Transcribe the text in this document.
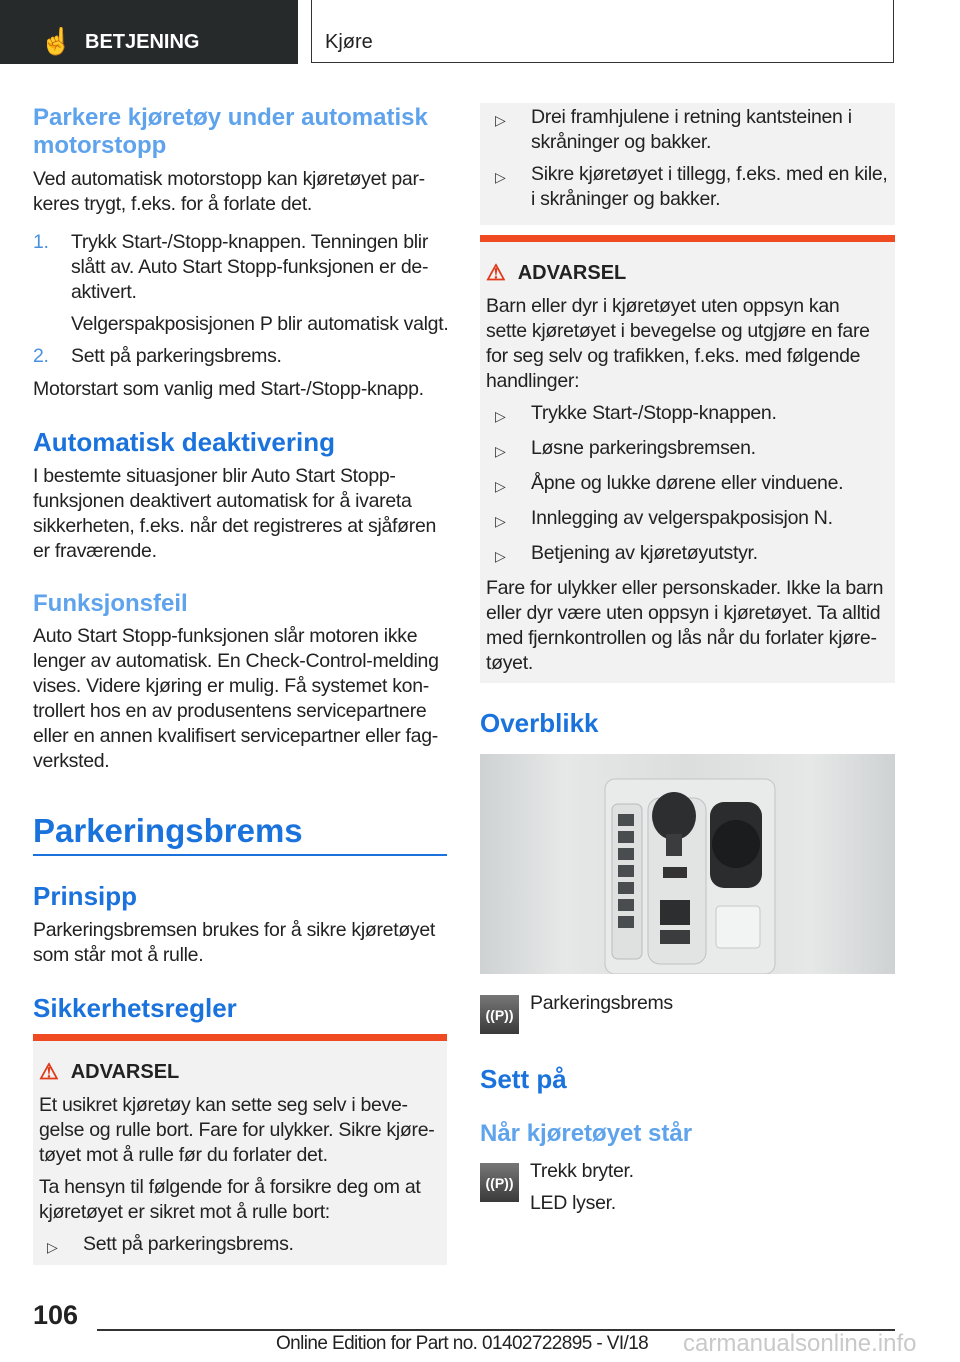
☝ BETJENING	Kjøre
Parkere kjøretøy under automatisk
motorstopp
Ved automatisk motorstopp kan kjøretøyet par-
keres trygt, f.eks. for å forlate det.
1.	Trykk Start-/Stopp-knappen. Tenningen blir
slått av. Auto Start Stopp-funksjonen er de-
aktivert.
Velgerspakposisjonen P blir automatisk valgt.
2.	Sett på parkeringsbrems.
Motorstart som vanlig med Start-/Stopp-knapp.
Automatisk deaktivering
I bestemte situasjoner blir Auto Start Stopp-
funksjonen deaktivert automatisk for å ivareta
sikkerheten, f.eks. når det registreres at sjåføren
er fraværende.
Funksjonsfeil
Auto Start Stopp-funksjonen slår motoren ikke
lenger av automatisk. En Check-Control-melding
vises. Videre kjøring er mulig. Få systemet kon-
trollert hos en av produsentens servicepartnere
eller en annen kvalifisert servicepartner eller fag-
verksted.
Parkeringsbrems
Prinsipp
Parkeringsbremsen brukes for å sikre kjøretøyet
som står mot å rulle.
Sikkerhetsregler
⚠ ADVARSEL
Et usikret kjøretøy kan sette seg selv i beve-
gelse og rulle bort. Fare for ulykker. Sikre kjøre-
tøyet mot å rulle før du forlater det.
Ta hensyn til følgende for å forsikre deg om at
kjøretøyet er sikret mot å rulle bort:
▷	Sett på parkeringsbrems.
▷	Drei framhjulene i retning kantsteinen i
skråninger og bakker.
▷	Sikre kjøretøyet i tillegg, f.eks. med en kile,
i skråninger og bakker.
⚠ ADVARSEL
Barn eller dyr i kjøretøyet uten oppsyn kan
sette kjøretøyet i bevegelse og utgjøre en fare
for seg selv og trafikken, f.eks. med følgende
handlinger:
▷	Trykke Start-/Stopp-knappen.
▷	Løsne parkeringsbremsen.
▷	Åpne og lukke dørene eller vinduene.
▷	Innlegging av velgerspakposisjon N.
▷	Betjening av kjøretøyutstyr.
Fare for ulykker eller personskader. Ikke la barn
eller dyr være uten oppsyn i kjøretøyet. Ta alltid
med fjernkontrollen og lås når du forlater kjøre-
tøyet.
Overblikk
((P))
Parkeringsbrems
Sett på
Når kjøretøyet står
((P))
Trekk bryter.
LED lyser.
106
Online Edition for Part no. 01402722895 - VI/18 carmanualsonline.info
